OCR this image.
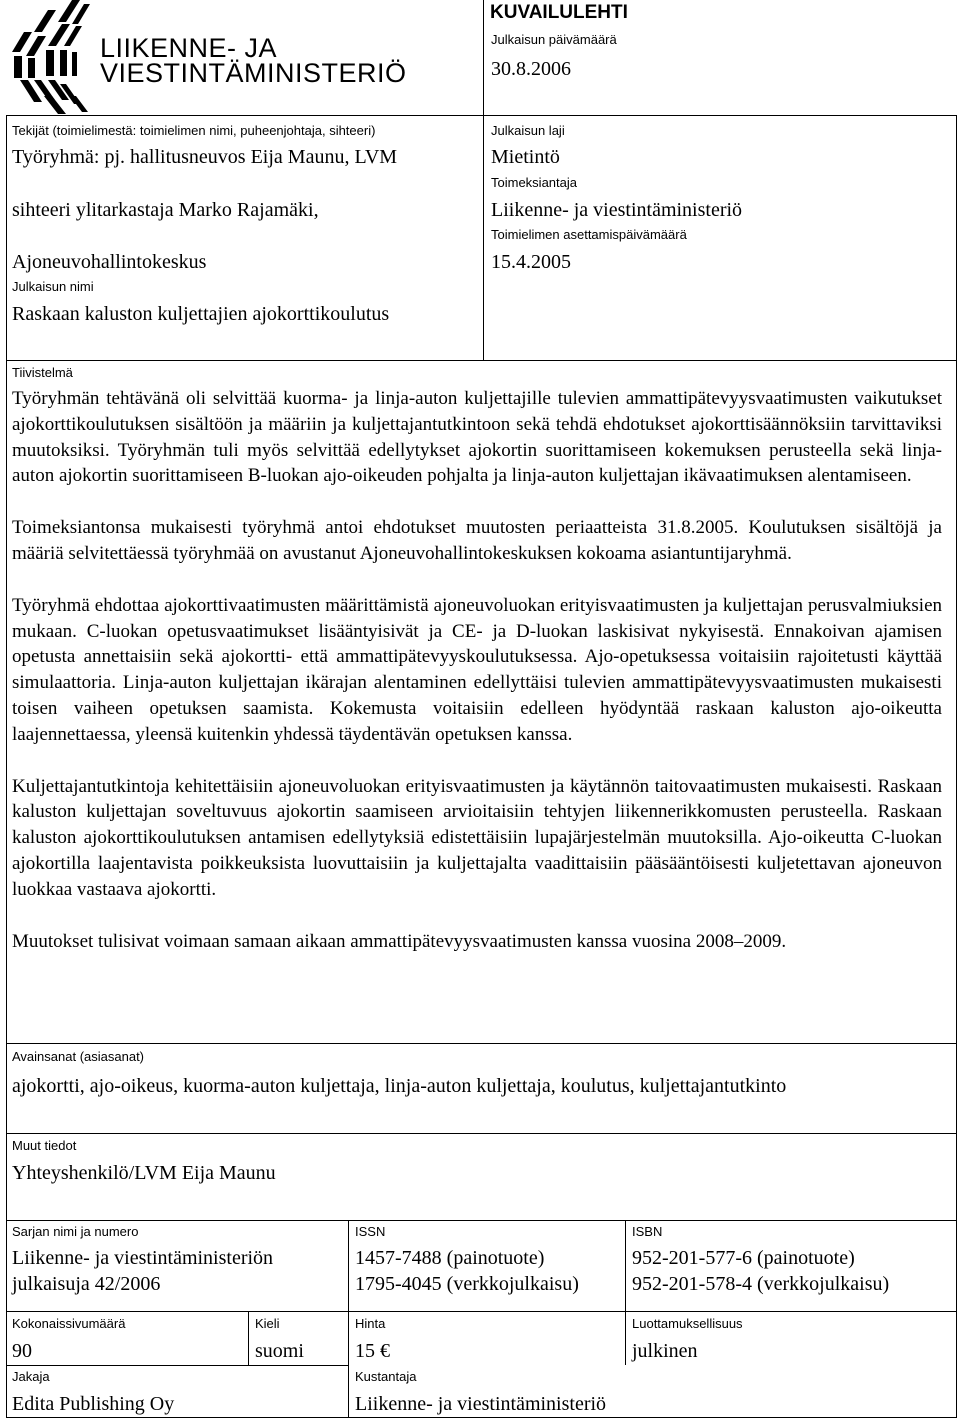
LIIKENNE- JA
VIESTINTÄMINISTERIÖ
KUVAILULEHTI
Julkaisun päivämäärä
30.8.2006
Tekijät (toimielimestä: toimielimen nimi, puheenjohtaja, sihteeri)
Työryhmä: pj. hallitusneuvos Eija Maunu, LVM
sihteeri ylitarkastaja Marko Rajamäki,
Ajoneuvohallintokeskus
Julkaisun laji
Mietintö
Toimeksiantaja
Liikenne- ja viestintäministeriö
Toimielimen asettamispäivämäärä
15.4.2005
Julkaisun nimi
Raskaan kaluston kuljettajien ajokorttikoulutus
Tiivistelmä

Työryhmän tehtävänä oli selvittää kuorma- ja linja-auton kuljettajille tulevien ammattipätevyysvaatimusten vaikutukset ajokorttikoulutuksen sisältöön ja määriin ja kuljettajantutkintoon sekä tehdä ehdotukset ajokorttisäännöksiin tarvittaviksi muutoksiksi. Työryhmän tuli myös selvittää edellytykset ajokortin suorittamiseen kokemuksen perusteella sekä linja-auton ajokortin suorittamiseen B-luokan ajo-oikeuden pohjalta ja linja-auton kuljettajan ikävaatimuksen alentamiseen.

Toimeksiantonsa mukaisesti työryhmä antoi ehdotukset muutosten periaatteista 31.8.2005. Koulutuksen sisältöjä ja määriä selvitettäessä työryhmää on avustanut Ajoneuvohallintokeskuksen kokoama asiantuntijaryhmä.

Työryhmä ehdottaa ajokorttivaatimusten määrittämistä ajoneuvoluokan erityisvaatimusten ja kuljettajan perusvalmiuksien mukaan. C-luokan opetusvaatimukset lisääntyisivät ja CE- ja D-luokan laskisivat nykyisestä. Ennakoivan ajamisen opetusta annettaisiin sekä ajokortti- että ammattipätevyyskoulutuksessa. Ajo-opetuksessa voitaisiin rajoitetusti käyttää simulaattoria. Linja-auton kuljettajan ikärajan alentaminen edellyttäisi tulevien ammattipätevyysvaatimusten mukaisesti toisen vaiheen opetuksen saamista. Kokemusta voitaisiin edelleen hyödyntää raskaan kaluston ajo-oikeutta laajennettaessa, yleensä kuitenkin yhdessä täydentävän opetuksen kanssa.

Kuljettajantutkintoja kehitettäisiin ajoneuvoluokan erityisvaatimusten ja käytännön taitovaatimusten mukaisesti. Raskaan kaluston kuljettajan soveltuvuus ajokortin saamiseen arvioitaisiin tehtyjen liikennerikkomusten perusteella. Raskaan kaluston ajokorttikoulutuksen antamisen edellytyksiä edistettäisiin lupajärjestelmän muutoksilla. Ajo-oikeutta C-luokan ajokortilla laajentavista poikkeuksista luovuttaisiin ja kuljettajalta vaadittaisiin pääsääntöisesti kuljetettavan ajoneuvon luokkaa vastaava ajokortti.

Muutokset tulisivat voimaan samaan aikaan ammattipätevyysvaatimusten kanssa vuosina 2008–2009.

Avainsanat (asiasanat)
ajokortti, ajo-oikeus, kuorma-auton kuljettaja, linja-auton kuljettaja, koulutus, kuljettajantutkinto
Muut tiedot
Yhteyshenkilö/LVM Eija Maunu
Sarjan nimi ja numero
Liikenne- ja viestintäministeriön
julkaisuja 42/2006
ISSN
1457-7488 (painotuote)
1795-4045 (verkkojulkaisu)
ISBN
952-201-577-6 (painotuote)
952-201-578-4 (verkkojulkaisu)
Kokonaissivumäärä
90
Kieli
suomi
Hinta
15 €
Luottamuksellisuus
julkinen
Jakaja
Edita Publishing Oy
Kustantaja
Liikenne- ja viestintäministeriö
